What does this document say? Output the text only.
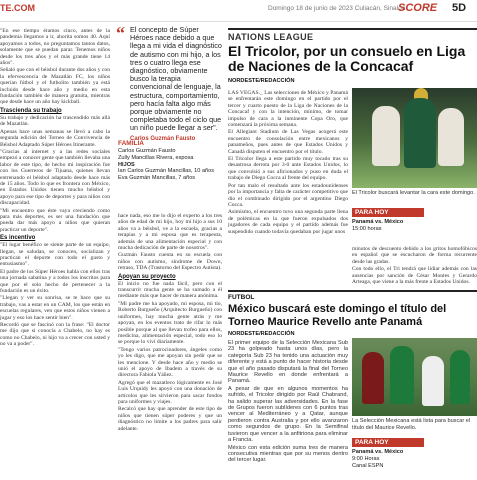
TE.COM	Domingo 18 de junio de 2023 Culiacán, Sinaloa
SCORE 5D

"En ese tiempo éramos cinco, antes de la pandemia llegamos a ir, ahorita somos 40. Aquí apoyamos a todos, no preguntamos tantos datos, solamente que se puedan parar. Tenemos niños desde los tres años y el más grande tiene 14 años".

Señaló que con el béisbol durante dos años y con la efervescencia de Mazatlán FC, los niños querían fútbol y el futbolito también ya está incluido desde hace año y medio en esta fundación también de manera gratuita, mientras que desde hace un año hay kickball.

Trascienda su trabajo

Su trabajo y dedicación ha trascendido más allá de Mazatlán.

Apenas hace unas semanas se llevó a cabo la segunda edición del Torneo de Convivencia de Béisbol Adaptado Súper Héroes Itinerante.

"Gracias al internet y a las redes sociales empezó a conocer gente que también llevaba una labor de este tipo, de hecho mi inspiración fue con los Guerreros de Tijuana, quienes llevan entrenando el béisbol adaptado desde hace más de 15 años. Todo lo que es frontera con México, en Estados Unidos tienen mucho béisbol y apoyo para ese tipo de deportes y para niños con discapacidad.

"Mi encuentro que éste vaya creciendo como para más deportes, es ser una fundación que pueda dar más apoyo a niños que quieran practicar un deporte".

Es incentivo

"El lugar benéfico se siente parte de un equipo, llegan, se saludan, se conocen, socializan y practican el deporte con todo el gusto y entusiasmo".

El padre de los Súper Héroes habla con ellos tras una jornada sabatina y a todos los inscritos para que por el solo hecho de pertenecer a la fundación es un éxito.

"Llegan y ver su sonrisa, se te hace que su trabajo, vas a estar en un CAM, los que están en escuelas regulares, ven que estos niños vienen a jugar y eso los hace sentir bien".

Recordó que se fascinó con la frase: "El doctor me dijo que si conocía a Chabelo, no hay es como no Chabelo, ni hijo va a crecer con usted y no va a poder".

“ El concepto de Súper Héroes nace debido a que llega a mi vida el diagnóstico de autismo con mi hijo, a los tres o cuatro llega ese diagnóstico, obviamente busco la terapia convencional de lenguaje, la estructura, comportamiento, pero hacía falta algo más porque obviamente no completaba todo el ciclo que un niño puede llegar a ser".
Carlos Guzmán Fausto
FAMILIA
Carlos Guzmán Fausto
Zully Mancillas Rivera, esposa
HIJOS
Ian Carlos Guzmán Mancillas, 10 años
Eva Guzmán Mancillas, 7 años

hace nada, eso me lo dijo el experto a los tres años de edad de mi hijo, hoy mi hijo a sus 10 años va a béisbol, ve a la escuela, gracias a terapias y a mi esposa que es terapeuta, además de una alimentación especial y con mucha dedicación de parte de nosotros".

Guzmán Fausto cuenta en su escuela con niños con autismo, síndrome de Down, retraso, TDA (Trastorno del Espectro Autista).

Apoyan su proyecto

El inicio no fue nada fácil, pero con el transcurrir mucha gente se ha sumado a él mediante más que hacer de manera anónima.

"Mi padre me ha apoyado, mi esposa, mi tío, Roberto Burgueño (Arquitecto Burgueño) con uniformes, hay mucha gente atrás y me apoyan, en los eventos trato de rifar lo más posible porque al que llevan trofeo para ellos, medicina, alimentación especial, todo eso lo se porque lo viví diariamente.

"Tengo varios patrocinadores, ángeles como yo les digo, que me apoyan sin pedir que se les mencione. Y desde hace año y medio se unió el apoyo de Ibadem a través de su directora Fabiola Yáñez.

Agregó que el mazatleco lógicamente es José Luis Urquidy les apoyó con una donación de artículos que les sirvieron para sacar fondos para uniformes y viajes.

Recalcó que hay que aprender de este tipo de niños que tienen súper poderes y que un diagnóstico no limite a los padres para salir adelante.

NATIONS LEAGUE
El Tricolor, por un consuelo en Liga de Naciones de la Concacaf
NORDESTE/REDACCIÓN

LAS VEGAS._ Las selecciones de México y Panamá se enfrentarán este domingo en el partido por el tercer y cuarto puesto de la Liga de Naciones de la Concacaf y con la intención, mínimo, de tomar impulso de cara a la inminente Copa Oro, que comenzará la próxima semana.

El Allegiant Stadium de Las Vegas acogerá este encuentro de consolación entre mexicanos y panameños, pues antes de que Estados Unidos y Canadá disputen el encuentro por el título.

El Tricolor llega a este partido muy tocado tras su desastrosa derrota por 3-0 ante Estados Unidos, lo que convulsió a sus aficionados y puso en duda el trabajo de Diego Cocca al frente del equipo.

Por tan malo el resultado ante los estadounidenses por la importancia y falta de carácter competitivo que dio el combinado dirigido por el argentino Diego Cocca.

Asimismo, el encuentro tuvo una segunda parte llena de polémicas en la que fueron expulsados dos jugadores de cada equipo y el partido además fue suspendido cuando todavía quedaban por jugar unos

El Tricolor buscará levantar la cara este domingo.
PARA HOY
Panamá vs. México
15:00 horas

minutos de descuento debido a los gritos homofóbicos en español que se escucharon de forma recurrente desde las gradas.

Con todo ello, el Tri tendrá que lidiar además con las ausencias por sanción de César Montes y Gerardo Arteaga, que viene a la más frente a Estados Unidos.

FUTBOL
México buscará este domingo el título del Torneo Maurice Revello ante Panamá
NORDESTE/REDACCIÓN

El primer equipo de la Selección Mexicana Sub 23 ha golpeado hasta unos días, pero la categoría Sub 23 ha tenido una actuación muy diferente y está a punto de hacer historia desde que el año pasado disputará la final del Torneo Maurice Revello en donde enfrentará a Panamá.

A pesar de que en algunos momentos ha sufrido, el Tricolor dirigido por Raúl Chabrand, ha salido superar las adversidades. En la fase de Grupos fueron sublíderes con 6 puntos tras vencer al Mediterráneo y a Qatar, aunque perdieron contra Australia y por ello avanzaron como segundos de grupo. En la Semifinal tuvieron que vencer a la anfitriona para eliminar a Francia.

México con esta edición suma tres de manera consecutiva mientras que por su menos dentro del tercer lugar.

La Selección Mexicana está lista para buscar el título del Maurice Revello.
PARA HOY
Panamá vs. México
9:00 Horas
Canal ESPN
